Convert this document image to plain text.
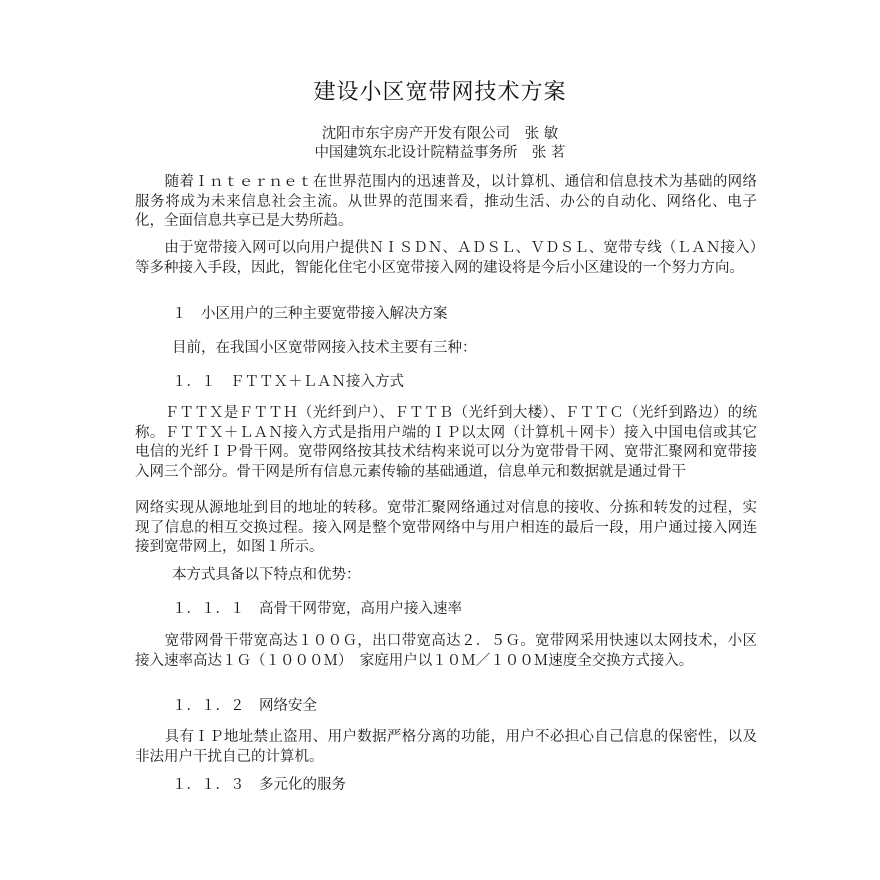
建设小区宽带网技术方案

沈阳市东宇房产开发有限公司　张 敏

中国建筑东北设计院精益事务所　张 茗

　　随着Ｉｎｔｅｒｎｅｔ在世界范围内的迅速普及，以计算机、通信和信息技术为基础的网络服务将成为未来信息社会主流。从世界的范围来看，推动生活、办公的自动化、网络化、电子化，全面信息共享已是大势所趋。

　　由于宽带接入网可以向用户提供ＮＩＳＤＮ、ＡＤＳＬ、ＶＤＳＬ、宽带专线（ＬＡＮ接入）等多种接入手段，因此，智能化住宅小区宽带接入网的建设将是今后小区建设的一个努力方向。

１　小区用户的三种主要宽带接入解决方案

目前，在我国小区宽带网接入技术主要有三种：

１．１　ＦＴＴＸ＋ＬＡＮ接入方式

　　ＦＴＴＸ是ＦＴＴＨ（光纤到户）、ＦＴＴＢ（光纤到大楼）、ＦＴＴＣ（光纤到路边）的统称。ＦＴＴＸ＋ＬＡＮ接入方式是指用户端的ＩＰ以太网（计算机＋网卡）接入中国电信或其它电信的光纤ＩＰ骨干网。宽带网络按其技术结构来说可以分为宽带骨干网、宽带汇聚网和宽带接入网三个部分。骨干网是所有信息元素传输的基础通道，信息单元和数据就是通过骨干

网络实现从源地址到目的地址的转移。宽带汇聚网络通过对信息的接收、分拣和转发的过程，实现了信息的相互交换过程。接入网是整个宽带网络中与用户相连的最后一段，用户通过接入网连接到宽带网上，如图１所示。

本方式具备以下特点和优势：

１．１．１　高骨干网带宽，高用户接入速率

　　宽带网骨干带宽高达１００Ｇ，出口带宽高达２．５Ｇ。宽带网采用快速以太网技术，小区接入速率高达１Ｇ（１０００Ｍ）　家庭用户以１０Ｍ／１００Ｍ速度全交换方式接入。

１．１．２　网络安全

　　具有ＩＰ地址禁止盗用、用户数据严格分离的功能，用户不必担心自己信息的保密性，以及非法用户干扰自己的计算机。

１．１．３　多元化的服务
